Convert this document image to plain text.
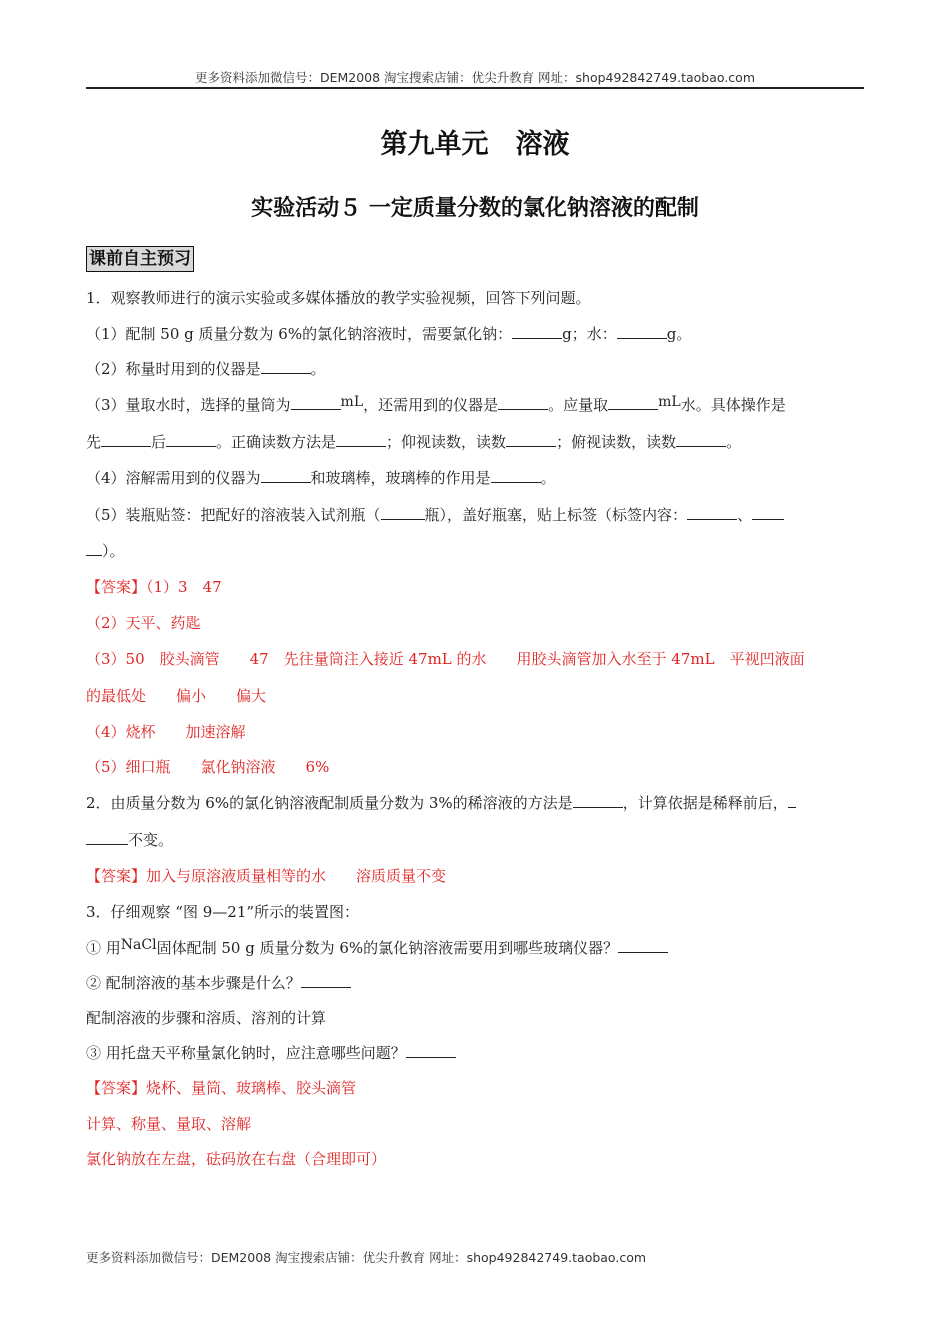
更多资料添加微信号：DEM2008 淘宝搜索店铺：优尖升教育 网址：shop492842749.taobao.com
第九单元　溶液
实验活动５ 一定质量分数的氯化钠溶液的配制
课前自主预习
1．观察教师进行的演示实验或多媒体播放的教学实验视频，回答下列问题。
（1）配制 50 g 质量分数为 6%的氯化钠溶液时，需要氯化钠：	g；水：	g。
（2）称量时用到的仪器是	。
（3）量取水时，选择的量筒为	mL，还需用到的仪器是	。应量取	mL水。具体操作是
先	后	。正确读数方法是	；仰视读数，读数	；俯视读数，读数	。
（4）溶解需用到的仪器为	和玻璃棒，玻璃棒的作用是	。
（5）装瓶贴签：把配好的溶液装入试剂瓶（	瓶），盖好瓶塞，贴上标签（标签内容：	、
）。
【答案】（1）3　47
（2）天平、药匙
（3）50　胶头滴管　　47　先往量筒注入接近 47mL 的水　　用胶头滴管加入水至于 47mL　平视凹液面
的最低处　　偏小　　偏大
（4）烧杯　　加速溶解
（5）细口瓶　　氯化钠溶液　　6%
2．由质量分数为 6%的氯化钠溶液配制质量分数为 3%的稀溶液的方法是	，计算依据是稀释前后，
不变。
【答案】加入与原溶液质量相等的水　　溶质质量不变
3．仔细观察 “图 9—21”所示的装置图：
① 用NaCl固体配制 50 g 质量分数为 6%的氯化钠溶液需要用到哪些玻璃仪器？
② 配制溶液的基本步骤是什么？
配制溶液的步骤和溶质、溶剂的计算
③ 用托盘天平称量氯化钠时，应注意哪些问题？
【答案】烧杯、量筒、玻璃棒、胶头滴管
计算、称量、量取、溶解
氯化钠放在左盘，砝码放在右盘（合理即可）
更多资料添加微信号：DEM2008 淘宝搜索店铺：优尖升教育 网址：shop492842749.taobao.com
